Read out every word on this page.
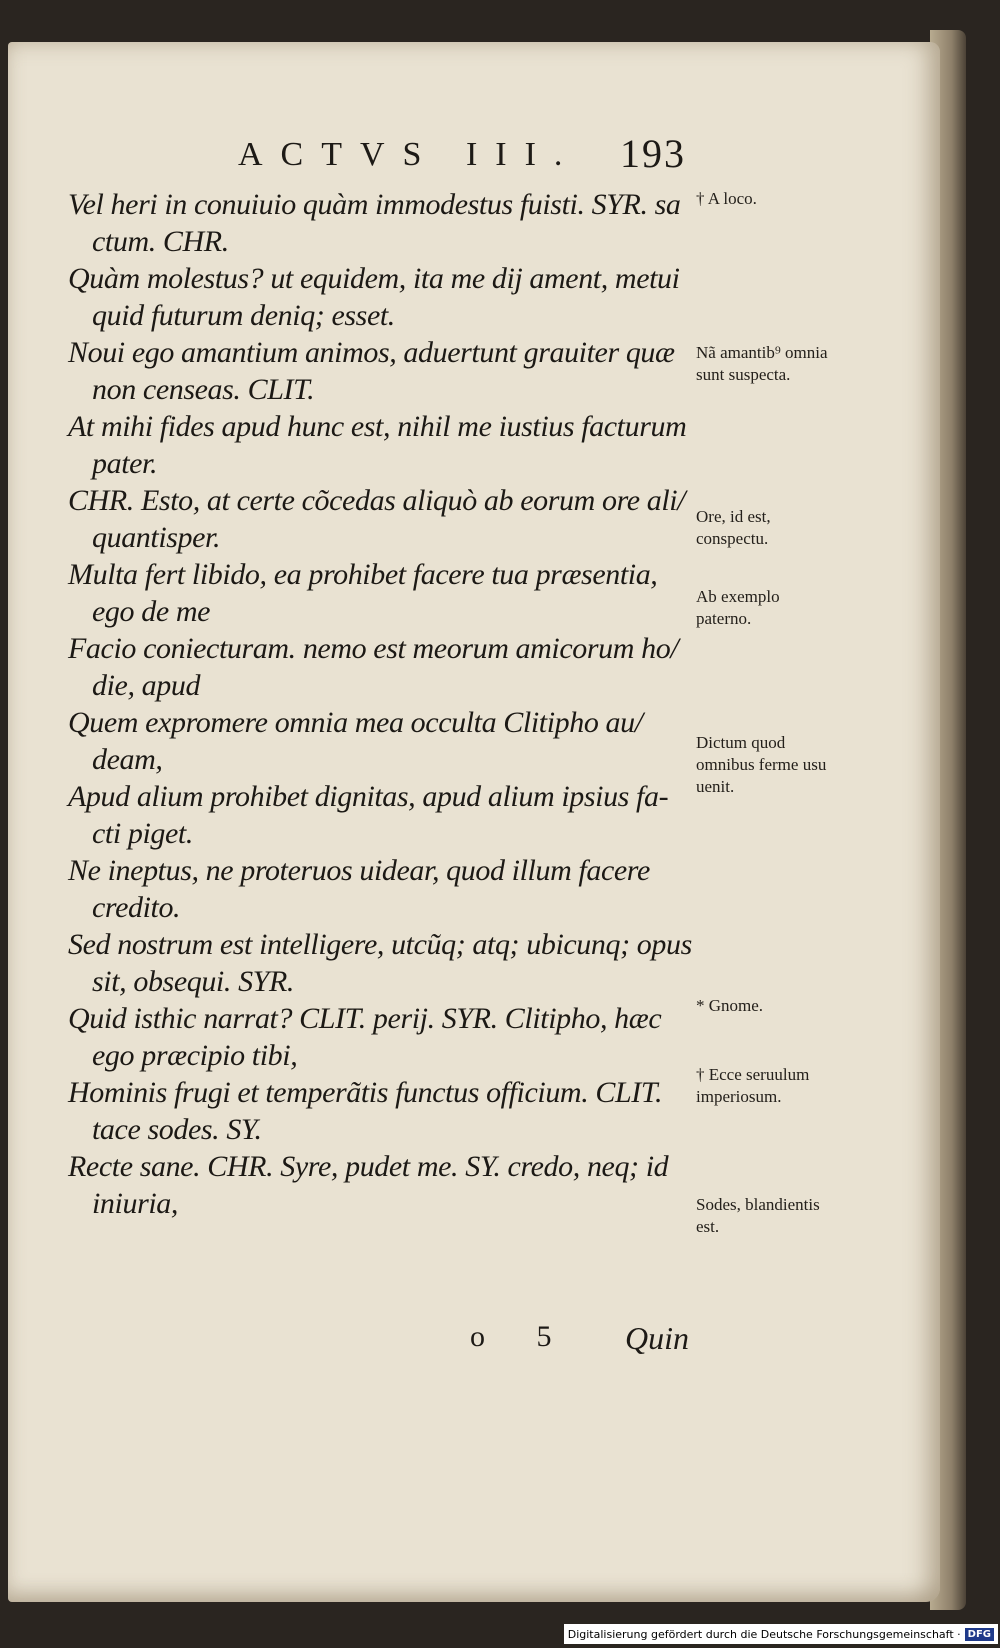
ACTVS III. 193
Vel heri in conuiuio quàm immodestus fuisti. SYR. sa
ctum. CHR.
Quàm molestus? ut equidem, ita me dij ament, metui
quid futurum deniq; esset.
Noui ego amantium animos, aduertunt grauiter quæ
non censeas. CLIT.
At mihi fides apud hunc est, nihil me iustius facturum
pater.
CHR. Esto, at certe cõcedas aliquò ab eorum ore ali/
quantisper.
Multa fert libido, ea prohibet facere tua præsentia,
ego de me
Facio coniecturam. nemo est meorum amicorum ho/
die, apud
Quem expromere omnia mea occulta Clitipho au/
deam,
Apud alium prohibet dignitas, apud alium ipsius fa-
cti piget.
Ne ineptus, ne proteruos uidear, quod illum facere
credito.
Sed nostrum est intelligere, utcũq; atq; ubicunq; opus
sit, obsequi. SYR.
Quid isthic narrat? CLIT. perij. SYR. Clitipho, hæc
ego præcipio tibi,
Hominis frugi et temperãtis functus officium. CLIT.
tace sodes. SY.
Recte sane. CHR. Syre, pudet me. SY. credo, neq; id
iniuria,
† A loco.
Nã amantib⁹ omnia sunt suspecta.
Ore, id est, conspectu.
Ab exemplo paterno.
Dictum quod omnibus ferme usu uenit.
* Gnome.
† Ecce seruulum imperiosum.
Sodes, blandientis est.
o 5 Quin
Digitalisierung gefördert durch die Deutsche Forschungsgemeinschaft · DFG
